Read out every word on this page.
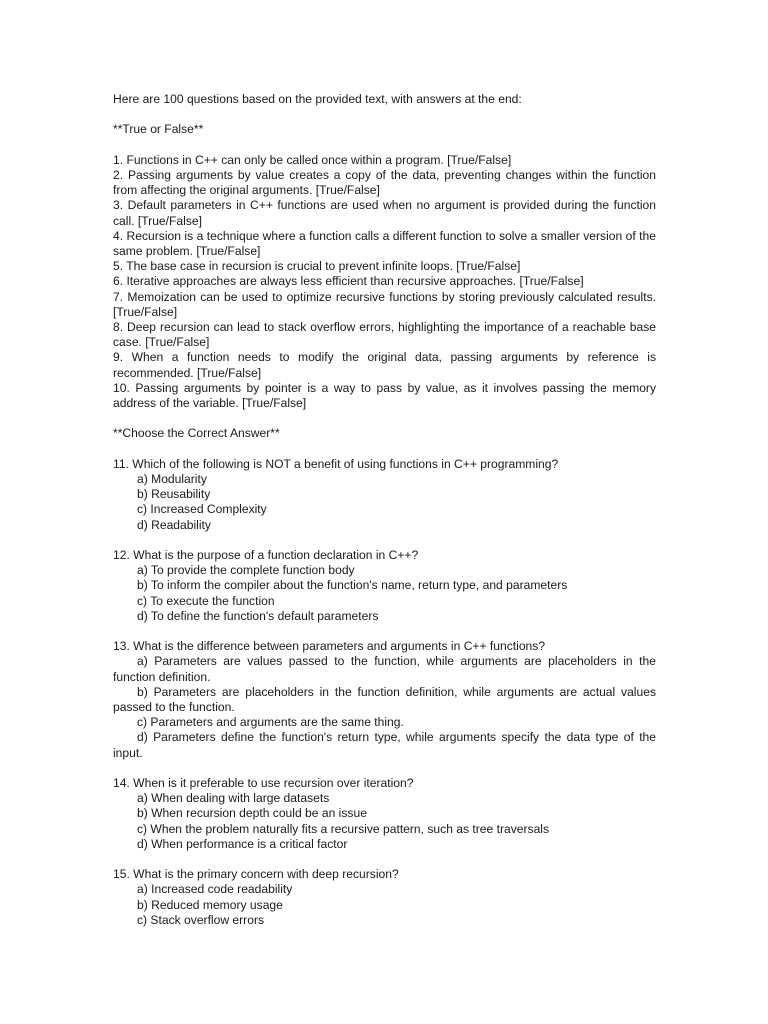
Here are 100 questions based on the provided text, with answers at the end:
**True or False**
1. Functions in C++ can only be called once within a program. [True/False]
2. Passing arguments by value creates a copy of the data, preventing changes within the function from affecting the original arguments. [True/False]
3. Default parameters in C++ functions are used when no argument is provided during the function call. [True/False]
4. Recursion is a technique where a function calls a different function to solve a smaller version of the same problem. [True/False]
5. The base case in recursion is crucial to prevent infinite loops. [True/False]
6. Iterative approaches are always less efficient than recursive approaches. [True/False]
7. Memoization can be used to optimize recursive functions by storing previously calculated results. [True/False]
8. Deep recursion can lead to stack overflow errors, highlighting the importance of a reachable base case. [True/False]
9. When a function needs to modify the original data, passing arguments by reference is recommended. [True/False]
10. Passing arguments by pointer is a way to pass by value, as it involves passing the memory address of the variable. [True/False]
**Choose the Correct Answer**
11. Which of the following is NOT a benefit of using functions in C++ programming?
a) Modularity
b) Reusability
c) Increased Complexity
d) Readability
12. What is the purpose of a function declaration in C++?
a) To provide the complete function body
b) To inform the compiler about the function's name, return type, and parameters
c) To execute the function
d) To define the function's default parameters
13. What is the difference between parameters and arguments in C++ functions?
a) Parameters are values passed to the function, while arguments are placeholders in the function definition.
b) Parameters are placeholders in the function definition, while arguments are actual values passed to the function.
c) Parameters and arguments are the same thing.
d) Parameters define the function's return type, while arguments specify the data type of the input.
14. When is it preferable to use recursion over iteration?
a) When dealing with large datasets
b) When recursion depth could be an issue
c) When the problem naturally fits a recursive pattern, such as tree traversals
d) When performance is a critical factor
15. What is the primary concern with deep recursion?
a) Increased code readability
b) Reduced memory usage
c) Stack overflow errors
